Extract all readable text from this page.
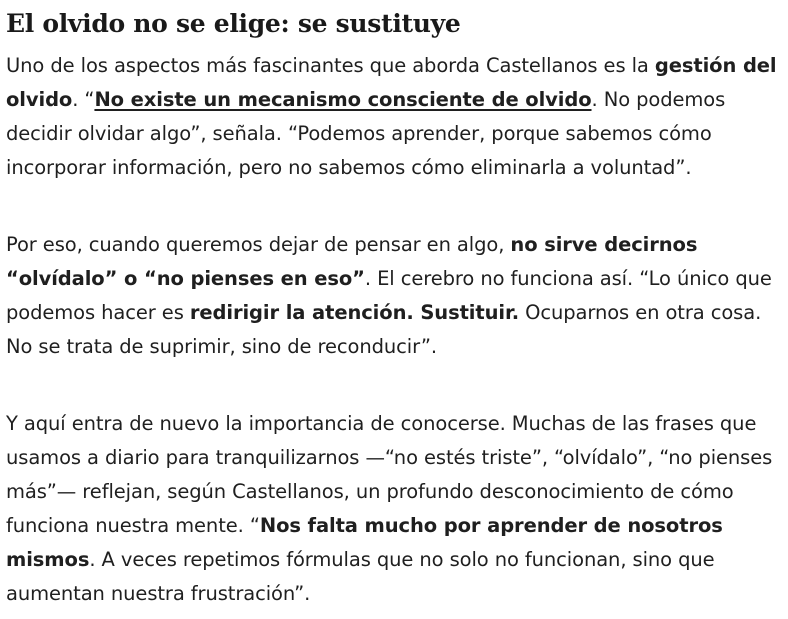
El olvido no se elige: se sustituye

Uno de los aspectos más fascinantes que aborda Castellanos es la gestión del olvido. “No existe un mecanismo consciente de olvido. No podemos decidir olvidar algo”, señala. “Podemos aprender, porque sabemos cómo incorporar información, pero no sabemos cómo eliminarla a voluntad”.

Por eso, cuando queremos dejar de pensar en algo, no sirve decirnos “olvídalo” o “no pienses en eso”. El cerebro no funciona así. “Lo único que podemos hacer es redirigir la atención. Sustituir. Ocuparnos en otra cosa. No se trata de suprimir, sino de reconducir”.

Y aquí entra de nuevo la importancia de conocerse. Muchas de las frases que usamos a diario para tranquilizarnos —“no estés triste”, “olvídalo”, “no pienses más”— reflejan, según Castellanos, un profundo desconocimiento de cómo funciona nuestra mente. “Nos falta mucho por aprender de nosotros mismos. A veces repetimos fórmulas que no solo no funcionan, sino que aumentan nuestra frustración”.
